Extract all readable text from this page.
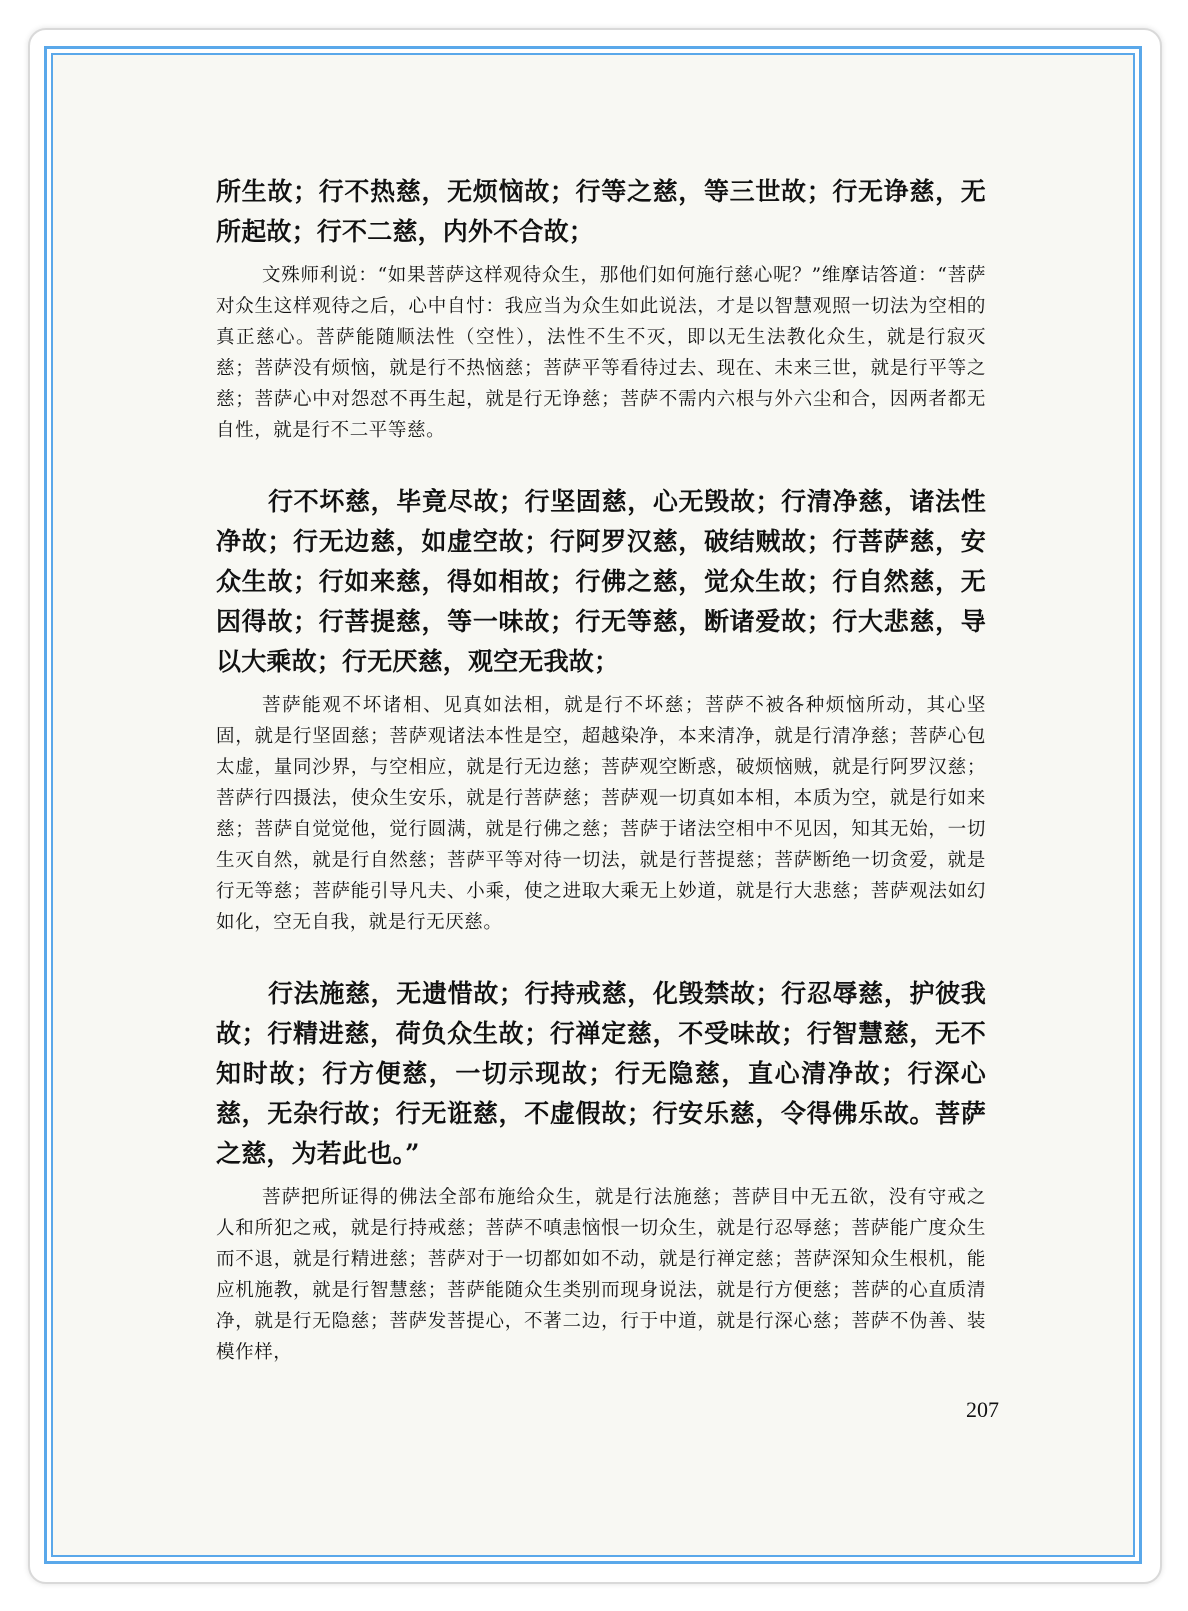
所生故；行不热慈，无烦恼故；行等之慈，等三世故；行无诤慈，无所起故；行不二慈，内外不合故；

文殊师利说：“如果菩萨这样观待众生，那他们如何施行慈心呢？”维摩诘答道：“菩萨对众生这样观待之后，心中自忖：我应当为众生如此说法，才是以智慧观照一切法为空相的真正慈心。菩萨能随顺法性（空性），法性不生不灭，即以无生法教化众生，就是行寂灭慈；菩萨没有烦恼，就是行不热恼慈；菩萨平等看待过去、现在、未来三世，就是行平等之慈；菩萨心中对怨怼不再生起，就是行无诤慈；菩萨不需内六根与外六尘和合，因两者都无自性，就是行不二平等慈。

行不坏慈，毕竟尽故；行坚固慈，心无毁故；行清净慈，诸法性净故；行无边慈，如虚空故；行阿罗汉慈，破结贼故；行菩萨慈，安众生故；行如来慈，得如相故；行佛之慈，觉众生故；行自然慈，无因得故；行菩提慈，等一味故；行无等慈，断诸爱故；行大悲慈，导以大乘故；行无厌慈，观空无我故；

菩萨能观不坏诸相、见真如法相，就是行不坏慈；菩萨不被各种烦恼所动，其心坚固，就是行坚固慈；菩萨观诸法本性是空，超越染净，本来清净，就是行清净慈；菩萨心包太虚，量同沙界，与空相应，就是行无边慈；菩萨观空断惑，破烦恼贼，就是行阿罗汉慈；菩萨行四摄法，使众生安乐，就是行菩萨慈；菩萨观一切真如本相，本质为空，就是行如来慈；菩萨自觉觉他，觉行圆满，就是行佛之慈；菩萨于诸法空相中不见因，知其无始，一切生灭自然，就是行自然慈；菩萨平等对待一切法，就是行菩提慈；菩萨断绝一切贪爱，就是行无等慈；菩萨能引导凡夫、小乘，使之进取大乘无上妙道，就是行大悲慈；菩萨观法如幻如化，空无自我，就是行无厌慈。

行法施慈，无遗惜故；行持戒慈，化毁禁故；行忍辱慈，护彼我故；行精进慈，荷负众生故；行禅定慈，不受味故；行智慧慈，无不知时故；行方便慈，一切示现故；行无隐慈，直心清净故；行深心慈，无杂行故；行无诳慈，不虚假故；行安乐慈，令得佛乐故。菩萨之慈，为若此也。”

菩萨把所证得的佛法全部布施给众生，就是行法施慈；菩萨目中无五欲，没有守戒之人和所犯之戒，就是行持戒慈；菩萨不嗔恚恼恨一切众生，就是行忍辱慈；菩萨能广度众生而不退，就是行精进慈；菩萨对于一切都如如不动，就是行禅定慈；菩萨深知众生根机，能应机施教，就是行智慧慈；菩萨能随众生类别而现身说法，就是行方便慈；菩萨的心直质清净，就是行无隐慈；菩萨发菩提心，不著二边，行于中道，就是行深心慈；菩萨不伪善、装模作样，

207
